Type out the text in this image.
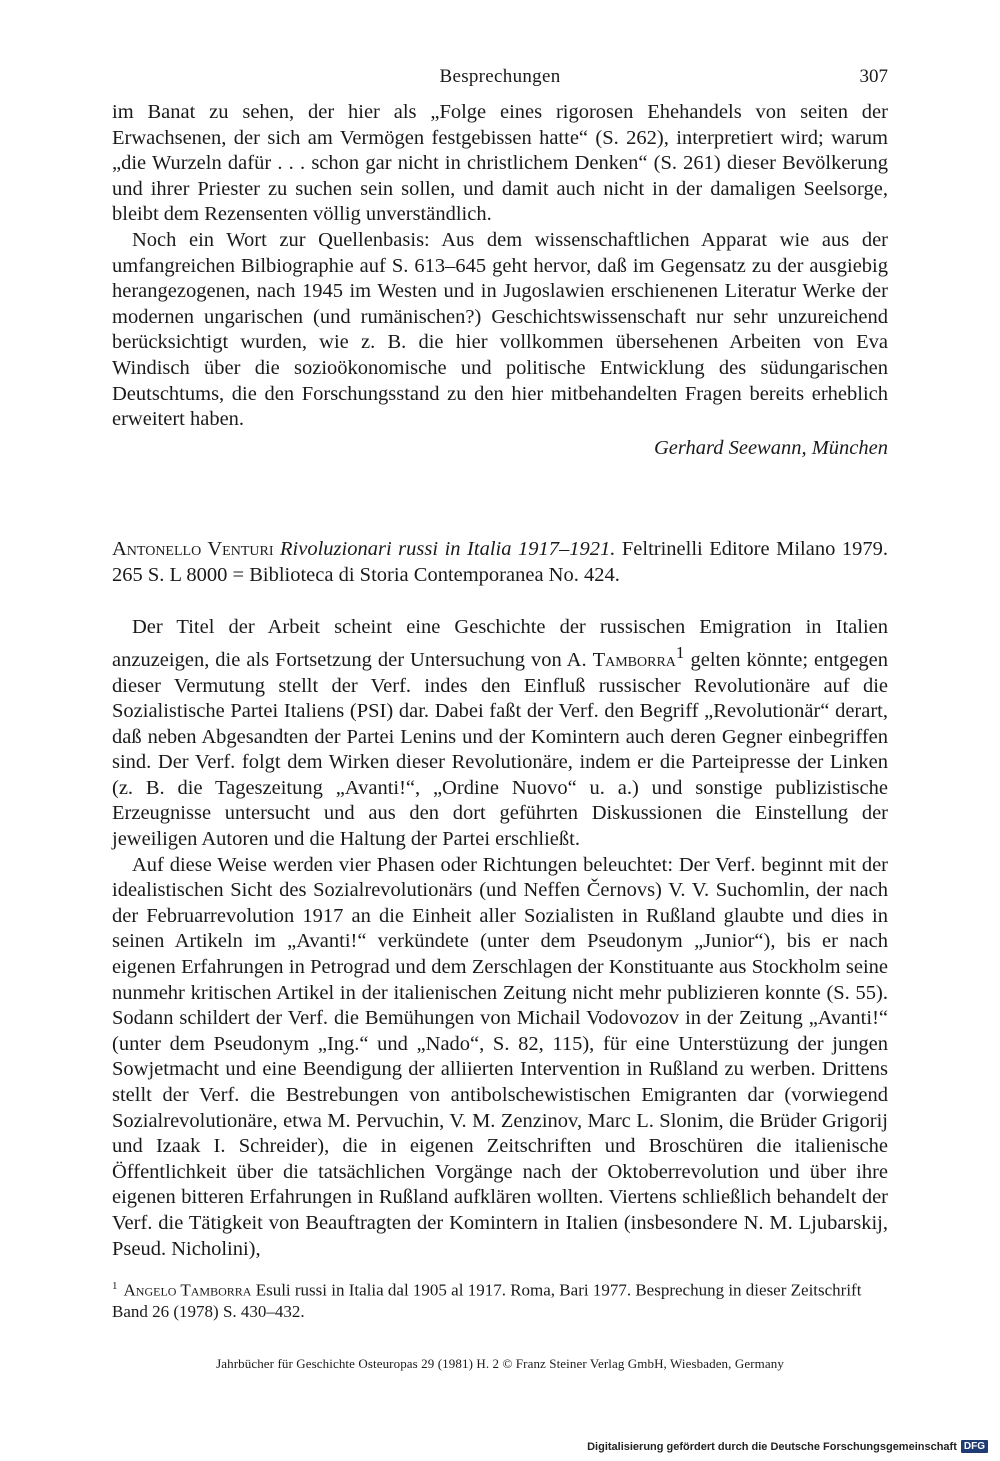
Besprechungen	307

im Banat zu sehen, der hier als „Folge eines rigorosen Ehehandels von seiten der Erwachsenen, der sich am Vermögen festgebissen hatte“ (S. 262), interpretiert wird; warum „die Wurzeln dafür . . . schon gar nicht in christlichem Denken“ (S. 261) dieser Bevölkerung und ihrer Priester zu suchen sein sollen, und damit auch nicht in der damaligen Seelsorge, bleibt dem Rezensenten völlig unverständlich.

Noch ein Wort zur Quellenbasis: Aus dem wissenschaftlichen Apparat wie aus der umfangreichen Bilbiographie auf S. 613–645 geht hervor, daß im Gegensatz zu der ausgiebig herangezogenen, nach 1945 im Westen und in Jugoslawien erschienenen Literatur Werke der modernen ungarischen (und rumänischen?) Geschichtswissenschaft nur sehr unzureichend berücksichtigt wurden, wie z. B. die hier vollkommen übersehenen Arbeiten von Eva Windisch über die sozioökonomische und politische Entwicklung des südungarischen Deutschtums, die den Forschungsstand zu den hier mitbehandelten Fragen bereits erheblich erweitert haben.

Gerhard Seewann, München
Antonello Venturi Rivoluzionari russi in Italia 1917–1921. Feltrinelli Editore Milano 1979. 265 S. L 8000 = Biblioteca di Storia Contemporanea No. 424.

Der Titel der Arbeit scheint eine Geschichte der russischen Emigration in Italien anzuzeigen, die als Fortsetzung der Untersuchung von A. Tamborra$^1$ gelten könnte; entgegen dieser Vermutung stellt der Verf. indes den Einfluß russischer Revolutionäre auf die Sozialistische Partei Italiens (PSI) dar. Dabei faßt der Verf. den Begriff „Revolutionär“ derart, daß neben Abgesandten der Partei Lenins und der Komintern auch deren Gegner einbegriffen sind. Der Verf. folgt dem Wirken dieser Revolutionäre, indem er die Parteipresse der Linken (z. B. die Tageszeitung „Avanti!“, „Ordine Nuovo“ u. a.) und sonstige publizistische Erzeugnisse untersucht und aus den dort geführten Diskussionen die Einstellung der jeweiligen Autoren und die Haltung der Partei erschließt.

Auf diese Weise werden vier Phasen oder Richtungen beleuchtet: Der Verf. beginnt mit der idealistischen Sicht des Sozialrevolutionärs (und Neffen Černovs) V. V. Suchomlin, der nach der Februarrevolution 1917 an die Einheit aller Sozialisten in Rußland glaubte und dies in seinen Artikeln im „Avanti!“ verkündete (unter dem Pseudonym „Junior“), bis er nach eigenen Erfahrungen in Petrograd und dem Zerschlagen der Konstituante aus Stockholm seine nunmehr kritischen Artikel in der italienischen Zeitung nicht mehr publizieren konnte (S. 55). Sodann schildert der Verf. die Bemühungen von Michail Vodovozov in der Zeitung „Avanti!“ (unter dem Pseudonym „Ing.“ und „Nado“, S. 82, 115), für eine Unterstüzung der jungen Sowjetmacht und eine Beendigung der alliierten Intervention in Rußland zu werben. Drittens stellt der Verf. die Bestrebungen von antibolschewistischen Emigranten dar (vorwiegend Sozialrevolutionäre, etwa M. Pervuchin, V. M. Zenzinov, Marc L. Slonim, die Brüder Grigorij und Izaak I. Schreider), die in eigenen Zeitschriften und Broschüren die italienische Öffentlichkeit über die tatsächlichen Vorgänge nach der Oktoberrevolution und über ihre eigenen bitteren Erfahrungen in Rußland aufklären wollten. Viertens schließlich behandelt der Verf. die Tätigkeit von Beauftragten der Komintern in Italien (insbesondere N. M. Ljubarskij, Pseud. Nicholini),

$^1$ Angelo Tamborra Esuli russi in Italia dal 1905 al 1917. Roma, Bari 1977. Besprechung in dieser Zeitschrift Band 26 (1978) S. 430–432.
Jahrbücher für Geschichte Osteuropas 29 (1981) H. 2 © Franz Steiner Verlag GmbH, Wiesbaden, Germany
Digitalisierung gefördert durch die Deutsche Forschungsgemeinschaft DFG
